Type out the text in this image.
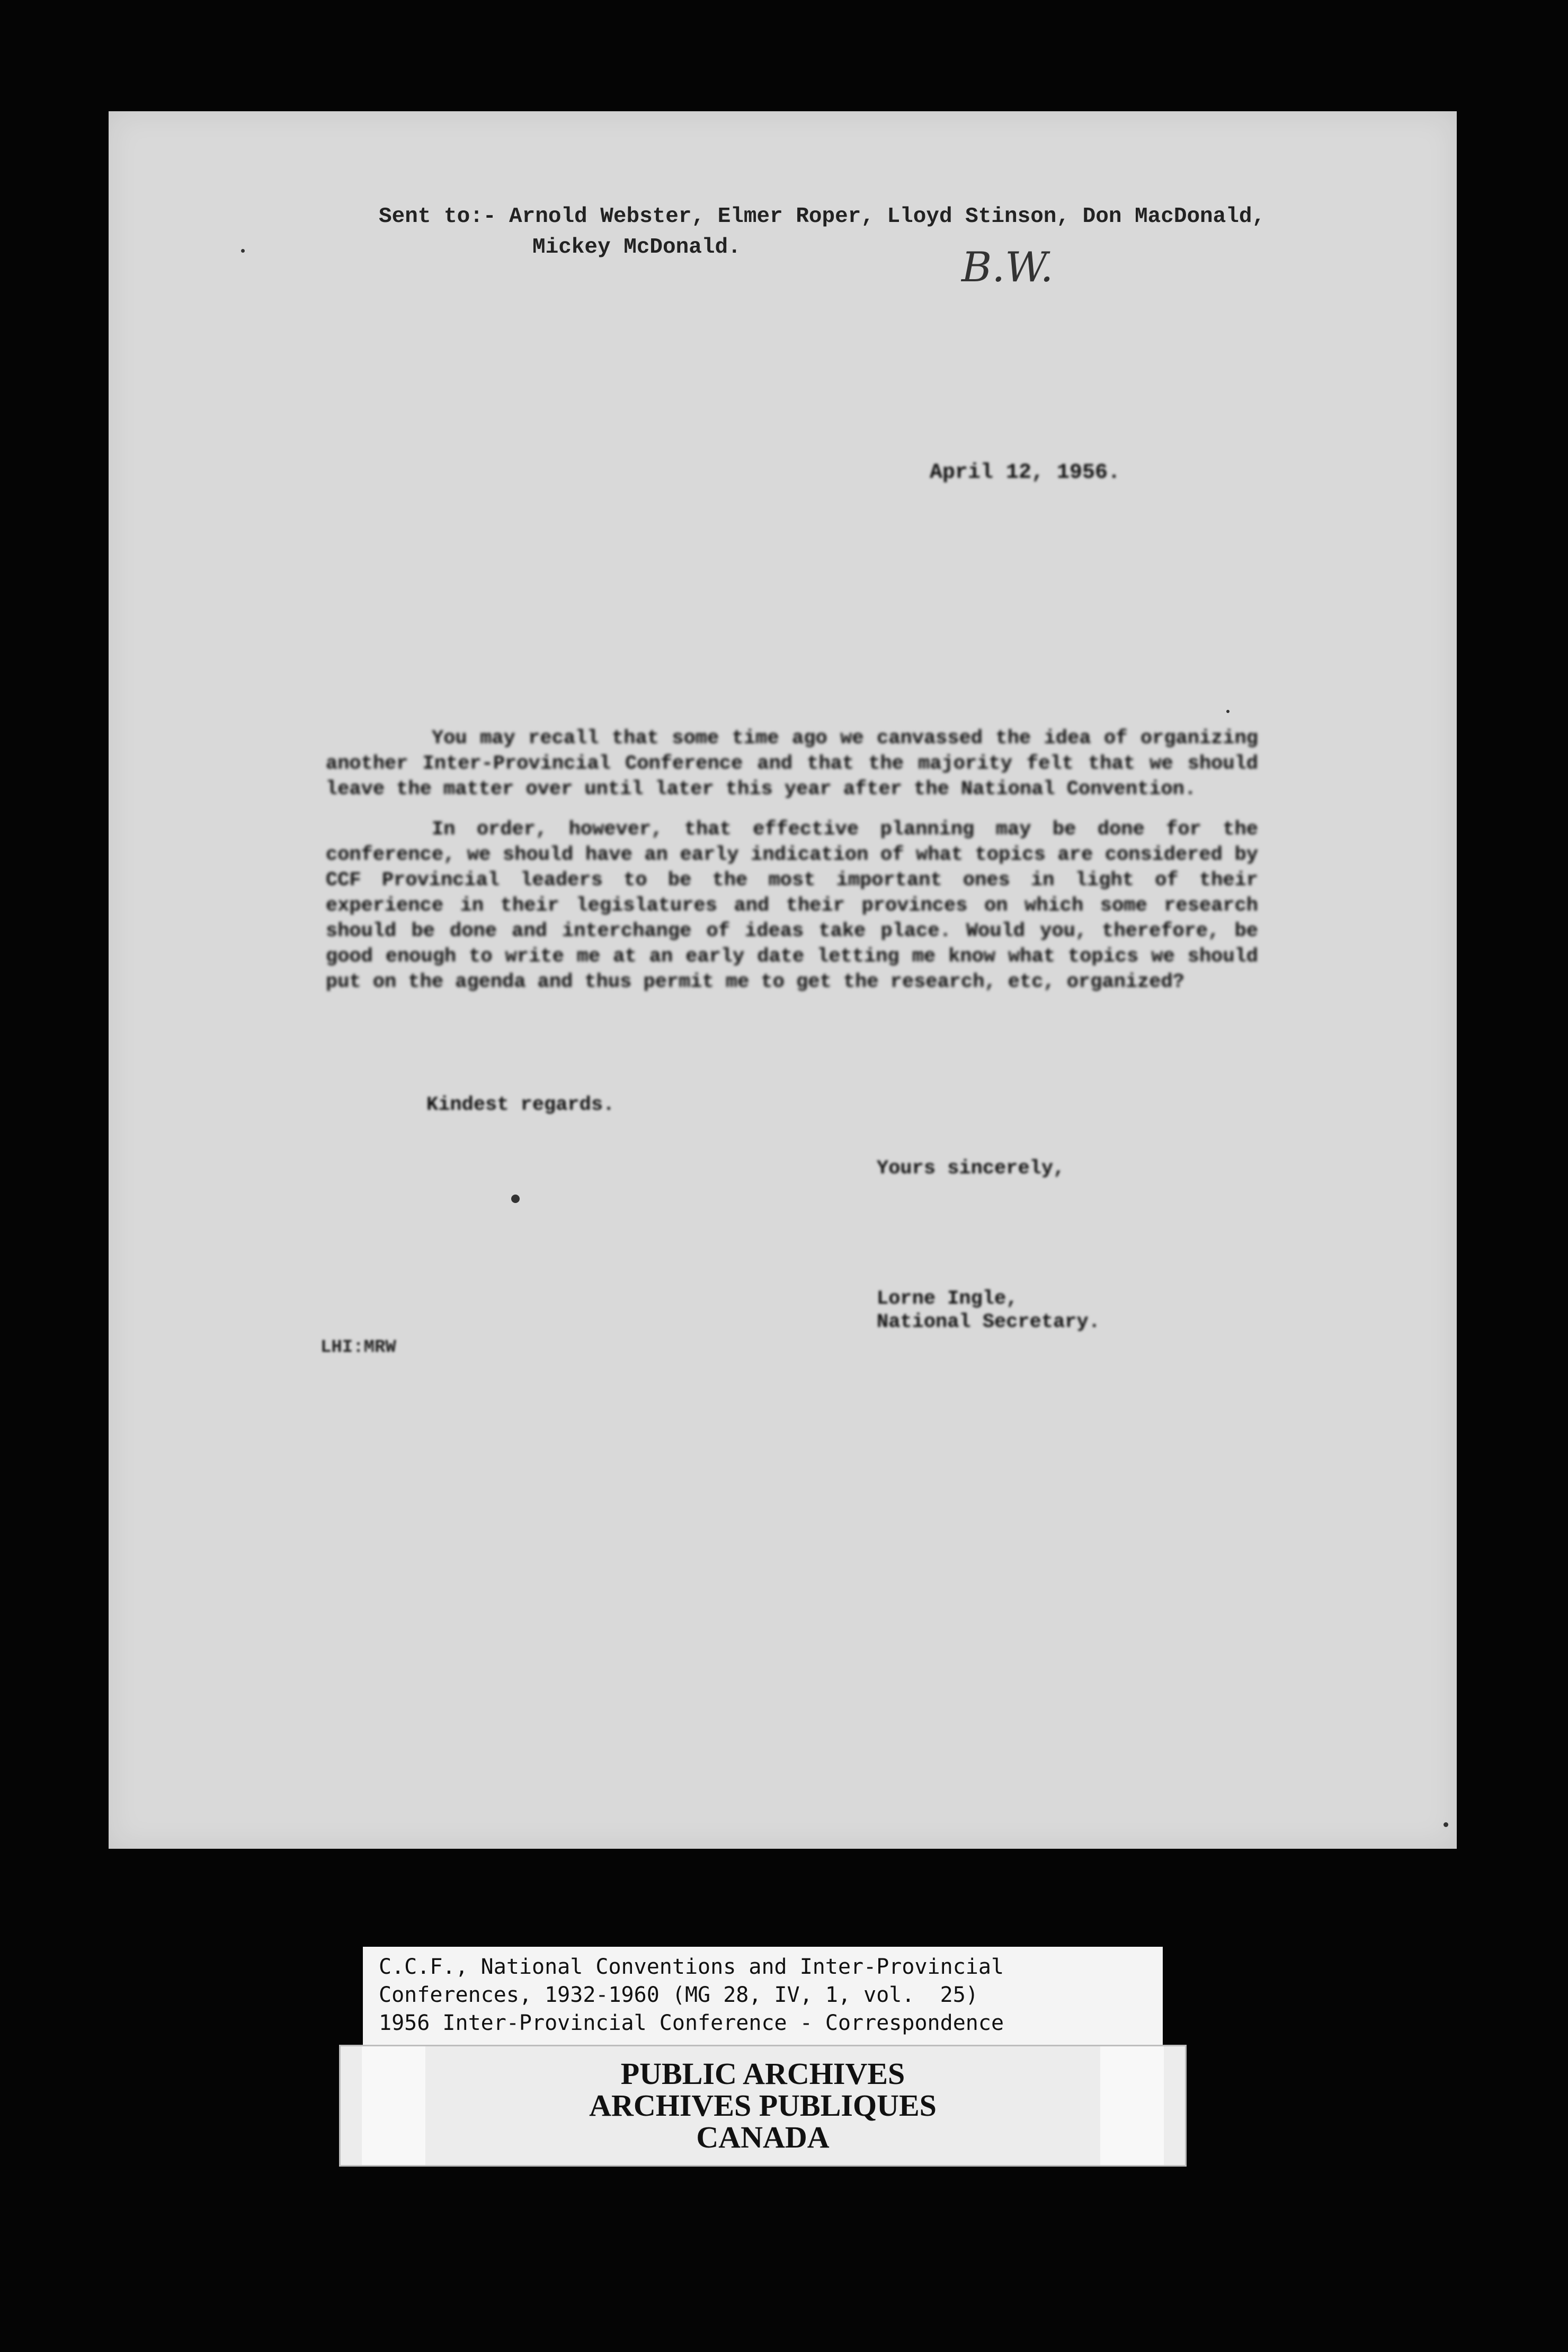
Sent to:- Arnold Webster, Elmer Roper, Lloyd Stinson, Don MacDonald,
Mickey McDonald.	B.W.
April 12, 1956.

You may recall that some time ago we canvassed the idea of organizing another Inter-Provincial Conference and that the majority felt that we should leave the matter over until later this year after the National Convention.

In order, however, that effective planning may be done for the conference, we should have an early indication of what topics are considered by CCF Provincial leaders to be the most important ones in light of their experience in their legislatures and their provinces on which some research should be done and interchange of ideas take place. Would you, therefore, be good enough to write me at an early date letting me know what topics we should put on the agenda and thus permit me to get the research, etc, organized?

Kindest regards.
Yours sincerely,
Lorne Ingle,
National Secretary.
LHI:MRW

C.C.F., National Conventions and Inter-Provincial

Conferences, 1932-1960 (MG 28, IV, 1, vol.  25)

1956 Inter-Provincial Conference - Correspondence

PUBLIC ARCHIVES

ARCHIVES PUBLIQUES

CANADA
